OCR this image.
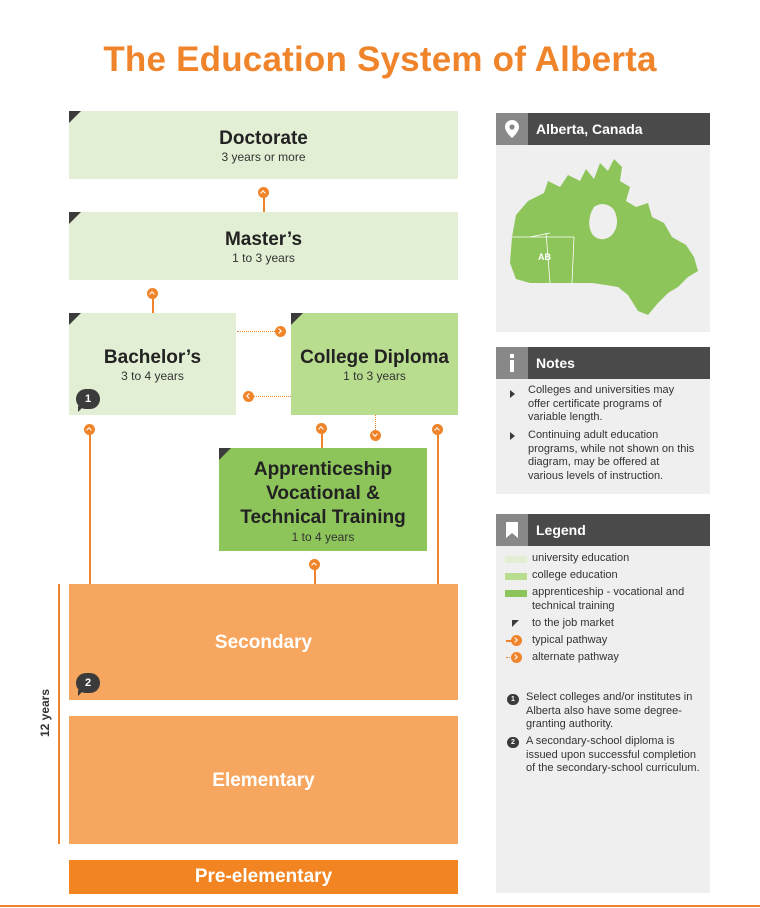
The Education System of Alberta
Doctorate
3 years or more
Master’s
1 to 3 years
Bachelor’s
3 to 4 years
1
College Diploma
1 to 3 years
Apprenticeship
Vocational &
Technical Training
1 to 4 years
Secondary
2
Elementary
Pre-elementary
12 years
Alberta, Canada
AB
Notes
Colleges and universities may offer certificate programs of variable length.
Continuing adult education programs, while not shown on this diagram, may be offered at various levels of instruction.
Legend
university education
college education
apprenticeship - vocational and technical training
to the job market
typical pathway
alternate pathway
1	Select colleges and/or institutes in Alberta also have some degree-granting authority.
2	A secondary-school diploma is issued upon successful completion of the secondary-school curriculum.
